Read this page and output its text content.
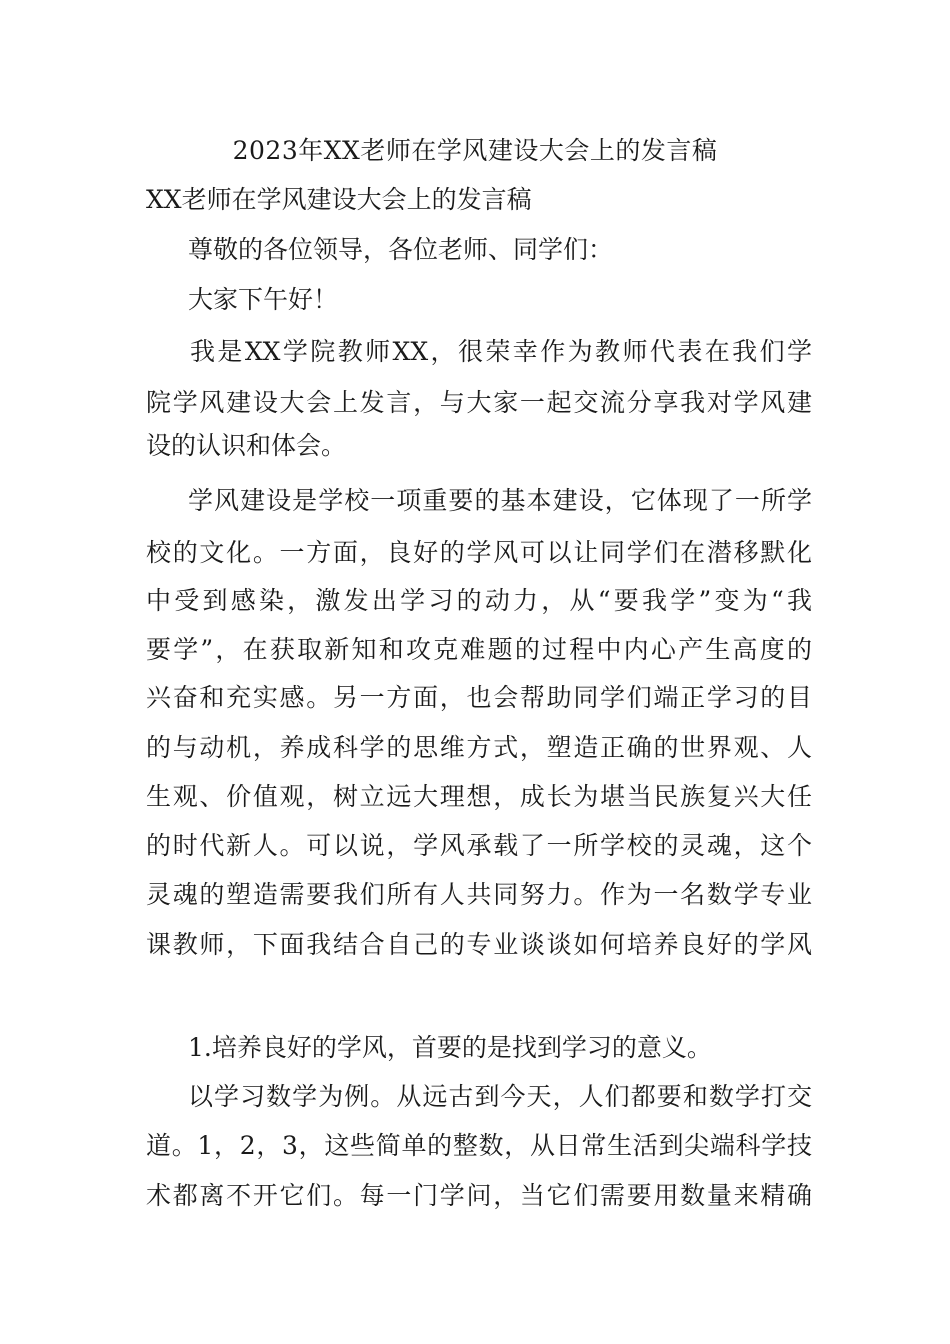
2023年XX老师在学风建设大会上的发言稿
XX老师在学风建设大会上的发言稿
尊敬的各位领导，各位老师、同学们：
大家下午好！
我是XX学院教师XX，很荣幸作为教师代表在我们学
院学风建设大会上发言，与大家一起交流分享我对学风建
设的认识和体会。
学风建设是学校一项重要的基本建设，它体现了一所学
校的文化。一方面，良好的学风可以让同学们在潜移默化
中受到感染，激发出学习的动力，从“要我学”变为“我
要学”，在获取新知和攻克难题的过程中内心产生高度的
兴奋和充实感。另一方面，也会帮助同学们端正学习的目
的与动机，养成科学的思维方式，塑造正确的世界观、人
生观、价值观，树立远大理想，成长为堪当民族复兴大任
的时代新人。可以说，学风承载了一所学校的灵魂，这个
灵魂的塑造需要我们所有人共同努力。作为一名数学专业
课教师，下面我结合自己的专业谈谈如何培养良好的学风
1.培养良好的学风，首要的是找到学习的意义。
以学习数学为例。从远古到今天，人们都要和数学打交
道。1，2，3，这些简单的整数，从日常生活到尖端科学技
术都离不开它们。每一门学问，当它们需要用数量来精确
